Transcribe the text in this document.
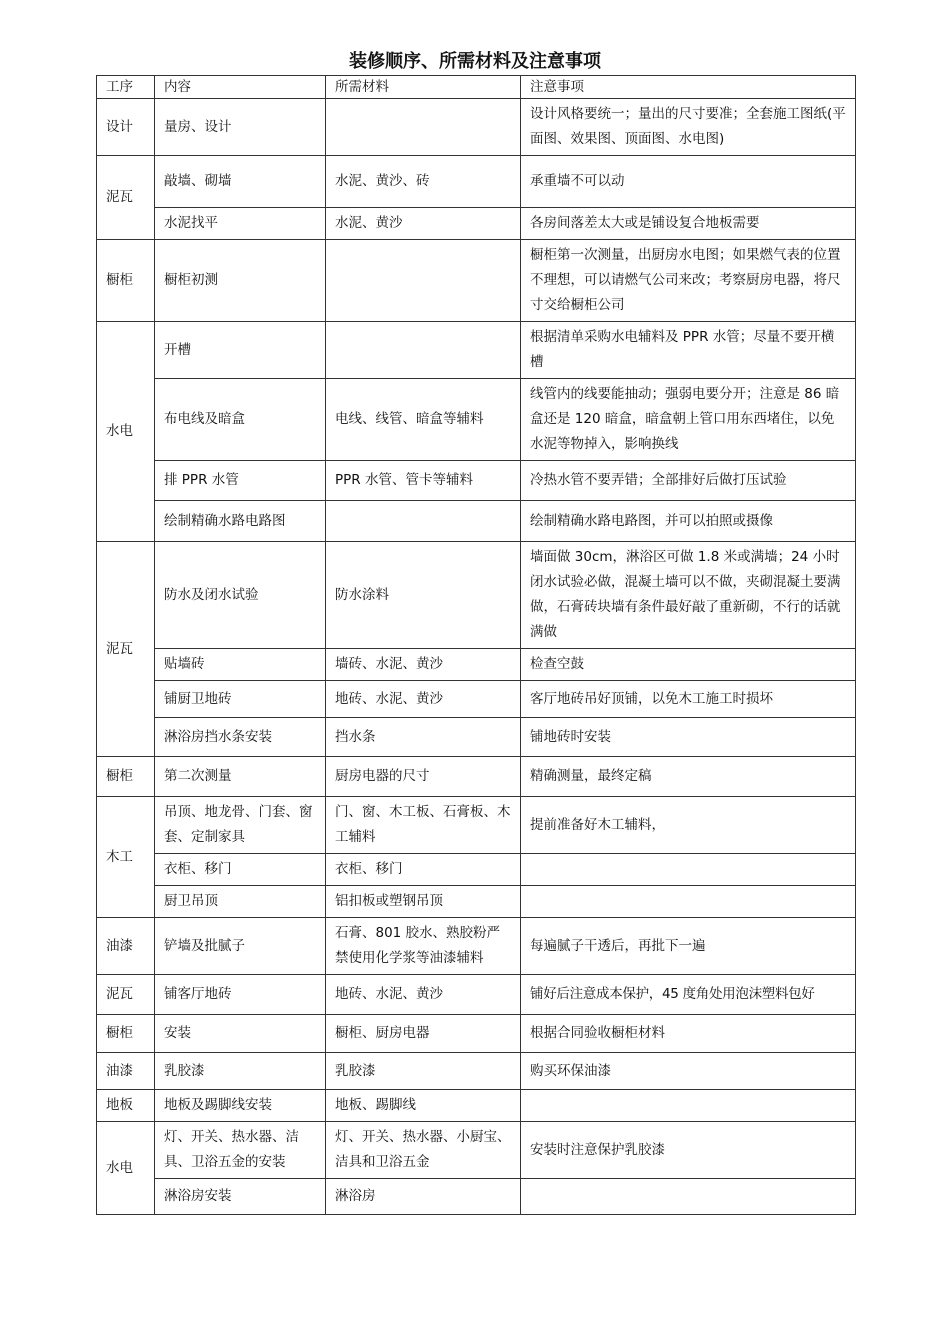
装修顺序、所需材料及注意事项
工序	内容	所需材料	注意事项
设计	量房、设计		设计风格要统一；量出的尺寸要准；全套施工图纸(平面图、效果图、顶面图、水电图)
泥瓦	敲墙、砌墙	水泥、黄沙、砖	承重墙不可以动
	水泥找平	水泥、黄沙	各房间落差太大或是铺设复合地板需要
橱柜	橱柜初测		橱柜第一次测量，出厨房水电图；如果燃气表的位置不理想，可以请燃气公司来改；考察厨房电器，将尺寸交给橱柜公司
水电	开槽		根据清单采购水电辅料及 PPR 水管；尽量不要开横槽
	布电线及暗盒	电线、线管、暗盒等辅料	线管内的线要能抽动；强弱电要分开；注意是 86 暗盒还是 120 暗盒，暗盒朝上管口用东西堵住，以免水泥等物掉入，影响换线
	排 PPR 水管	PPR 水管、管卡等辅料	冷热水管不要弄错；全部排好后做打压试验
	绘制精确水路电路图		绘制精确水路电路图，并可以拍照或摄像
泥瓦	防水及闭水试验	防水涂料	墙面做 30cm，淋浴区可做 1.8 米或满墙；24 小时闭水试验必做，混凝土墙可以不做，夹砌混凝土要满做，石膏砖块墙有条件最好敲了重新砌，不行的话就满做
	贴墙砖	墙砖、水泥、黄沙	检查空鼓
	铺厨卫地砖	地砖、水泥、黄沙	客厅地砖吊好顶铺，以免木工施工时损坏
	淋浴房挡水条安装	挡水条	铺地砖时安装
橱柜	第二次测量	厨房电器的尺寸	精确测量，最终定稿
木工	吊顶、地龙骨、门套、窗套、定制家具	门、窗、木工板、石膏板、木工辅料	提前准备好木工辅料，
	衣柜、移门	衣柜、移门	
	厨卫吊顶	铝扣板或塑钢吊顶	
油漆	铲墙及批腻子	石膏、801 胶水、熟胶粉严禁使用化学浆等油漆辅料	每遍腻子干透后，再批下一遍
泥瓦	铺客厅地砖	地砖、水泥、黄沙	铺好后注意成本保护，45 度角处用泡沫塑料包好
橱柜	安装	橱柜、厨房电器	根据合同验收橱柜材料
油漆	乳胶漆	乳胶漆	购买环保油漆
地板	地板及踢脚线安装	地板、踢脚线	
水电	灯、开关、热水器、洁具、卫浴五金的安装	灯、开关、热水器、小厨宝、洁具和卫浴五金	安装时注意保护乳胶漆
	淋浴房安装	淋浴房	
